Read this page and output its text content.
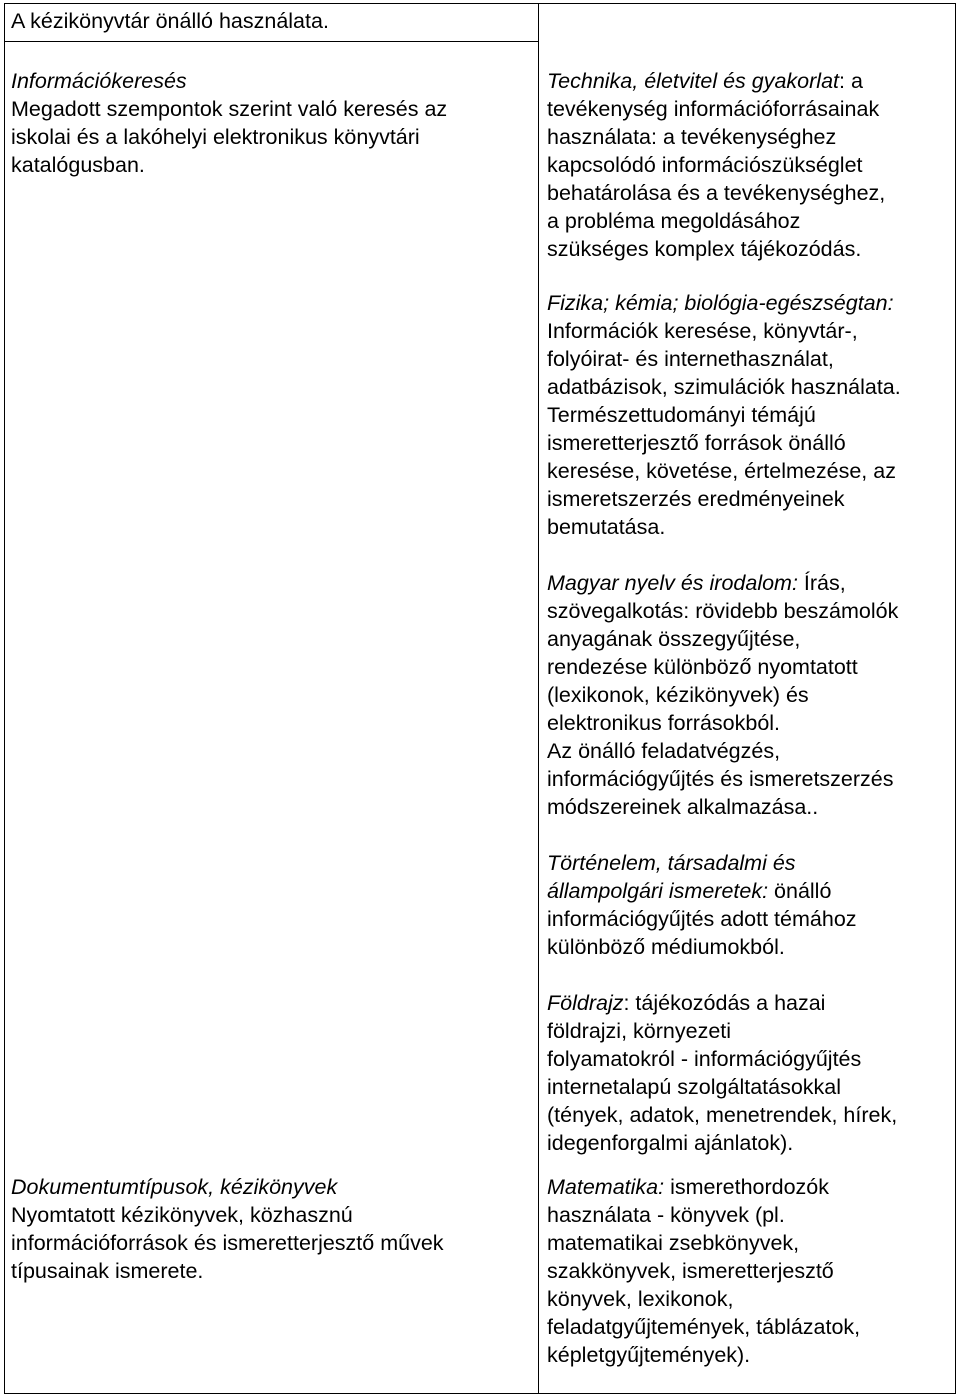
A kézikönyvtár önálló használata.
Információkeresés
Megadott szempontok szerint való keresés az
iskolai és a lakóhelyi elektronikus könyvtári
katalógusban.
Dokumentumtípusok, kézikönyvek
Nyomtatott kézikönyvek, közhasznú
információforrások és ismeretterjesztő művek
típusainak ismerete.
Technika, életvitel és gyakorlat: a
tevékenység információforrásainak
használata: a tevékenységhez
kapcsolódó információszükséglet
behatárolása és a tevékenységhez,
a probléma megoldásához
szükséges komplex tájékozódás.
Fizika; kémia; biológia-egészségtan:
Információk keresése, könyvtár-,
folyóirat- és internethasználat,
adatbázisok, szimulációk használata.
Természettudományi témájú
ismeretterjesztő források önálló
keresése, követése, értelmezése, az
ismeretszerzés eredményeinek
bemutatása.
Magyar nyelv és irodalom: Írás,
szövegalkotás: rövidebb beszámolók
anyagának összegyűjtése,
rendezése különböző nyomtatott
(lexikonok, kézikönyvek) és
elektronikus forrásokból.
Az önálló feladatvégzés,
információgyűjtés és ismeretszerzés
módszereinek alkalmazása..
Történelem, társadalmi és
állampolgári ismeretek: önálló
információgyűjtés adott témához
különböző médiumokból.
Földrajz: tájékozódás a hazai
földrajzi, környezeti
folyamatokról - információgyűjtés
internetalapú szolgáltatásokkal
(tények, adatok, menetrendek, hírek,
idegenforgalmi ajánlatok).
Matematika: ismerethordozók
használata - könyvek (pl.
matematikai zsebkönyvek,
szakkönyvek, ismeretterjesztő
könyvek, lexikonok,
feladatgyűjtemények, táblázatok,
képletgyűjtemények).
